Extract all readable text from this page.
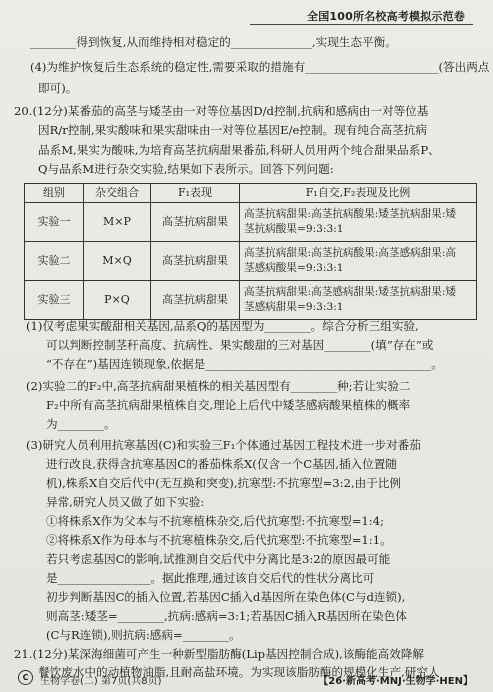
全国100所名校高考模拟示范卷
________得到恢复,从而维持相对稳定的______________,实现生态平衡。
(4)为维护恢复后生态系统的稳定性,需要采取的措施有_______________________(答出两点
即可)。
20.(12分)某番茄的高茎与矮茎由一对等位基因D/d控制,抗病和感病由一对等位基
因R/r控制,果实酸味和果实甜味由一对等位基因E/e控制。现有纯合高茎抗病
品系M,果实为酸味,为培育高茎抗病甜果番茄,科研人员用两个纯合甜果品系P、
Q与品系M进行杂交实验,结果如下表所示。回答下列问题:
组别	杂交组合	F₁表现	F₁自交,F₂表现及比例
实验一	M×P	高茎抗病甜果	高茎抗病甜果:高茎抗病酸果:矮茎抗病甜果:矮
茎抗病酸果=9:3:3:1

实验二	M×Q	高茎抗病甜果	高茎抗病甜果:高茎抗病酸果:高茎感病甜果:高
茎感病酸果=9:3:3:1

实验三	P×Q	高茎抗病甜果	高茎抗病甜果:高茎感病甜果:矮茎抗病甜果:矮
茎感病甜果=9:3:3:1
(1)仅考虑果实酸甜相关基因,品系Q的基因型为________。综合分析三组实验,
可以判断控制茎秆高度、抗病性、果实酸甜的三对基因________(填“存在”或
“不存在”)基因连锁现象,依据是_______________________________________。
(2)实验二的F₂中,高茎抗病甜果植株的相关基因型有________种;若让实验二
F₂中所有高茎抗病甜果植株自交,理论上后代中矮茎感病酸果植株的概率
为________。
(3)研究人员利用抗寒基因(C)和实验三F₁个体通过基因工程技术进一步对番茄
进行改良,获得含抗寒基因C的番茄株系X(仅含一个C基因,插入位置随
机),株系X自交后代中(无互换和突变),抗寒型:不抗寒型=3:2,由于比例
异常,研究人员又做了如下实验:
①将株系X作为父本与不抗寒植株杂交,后代抗寒型:不抗寒型=1:4;
②将株系X作为母本与不抗寒植株杂交,后代抗寒型:不抗寒型=1:1。
若只考虑基因C的影响,试推测自交后代中分离比是3:2的原因最可能
是________________。据此推理,通过该自交后代的性状分离比可
初步判断基因C的插入位置,若基因C插入d基因所在染色体(C与d连锁),
则高茎:矮茎=________,抗病:感病=3:1;若基因C插入R基因所在染色体
(C与R连锁),则抗病:感病=________。
21.(12分)某深海细菌可产生一种新型脂肪酶(Lip基因控制合成),该酶能高效降解
餐饮废水中的动植物油脂,且耐高盐环境。为实现该脂肪酶的规模化生产,研究人
C	生物学卷(二) 第7页(共8页)	【26·新高考·MNJ·生物学·HEN】
